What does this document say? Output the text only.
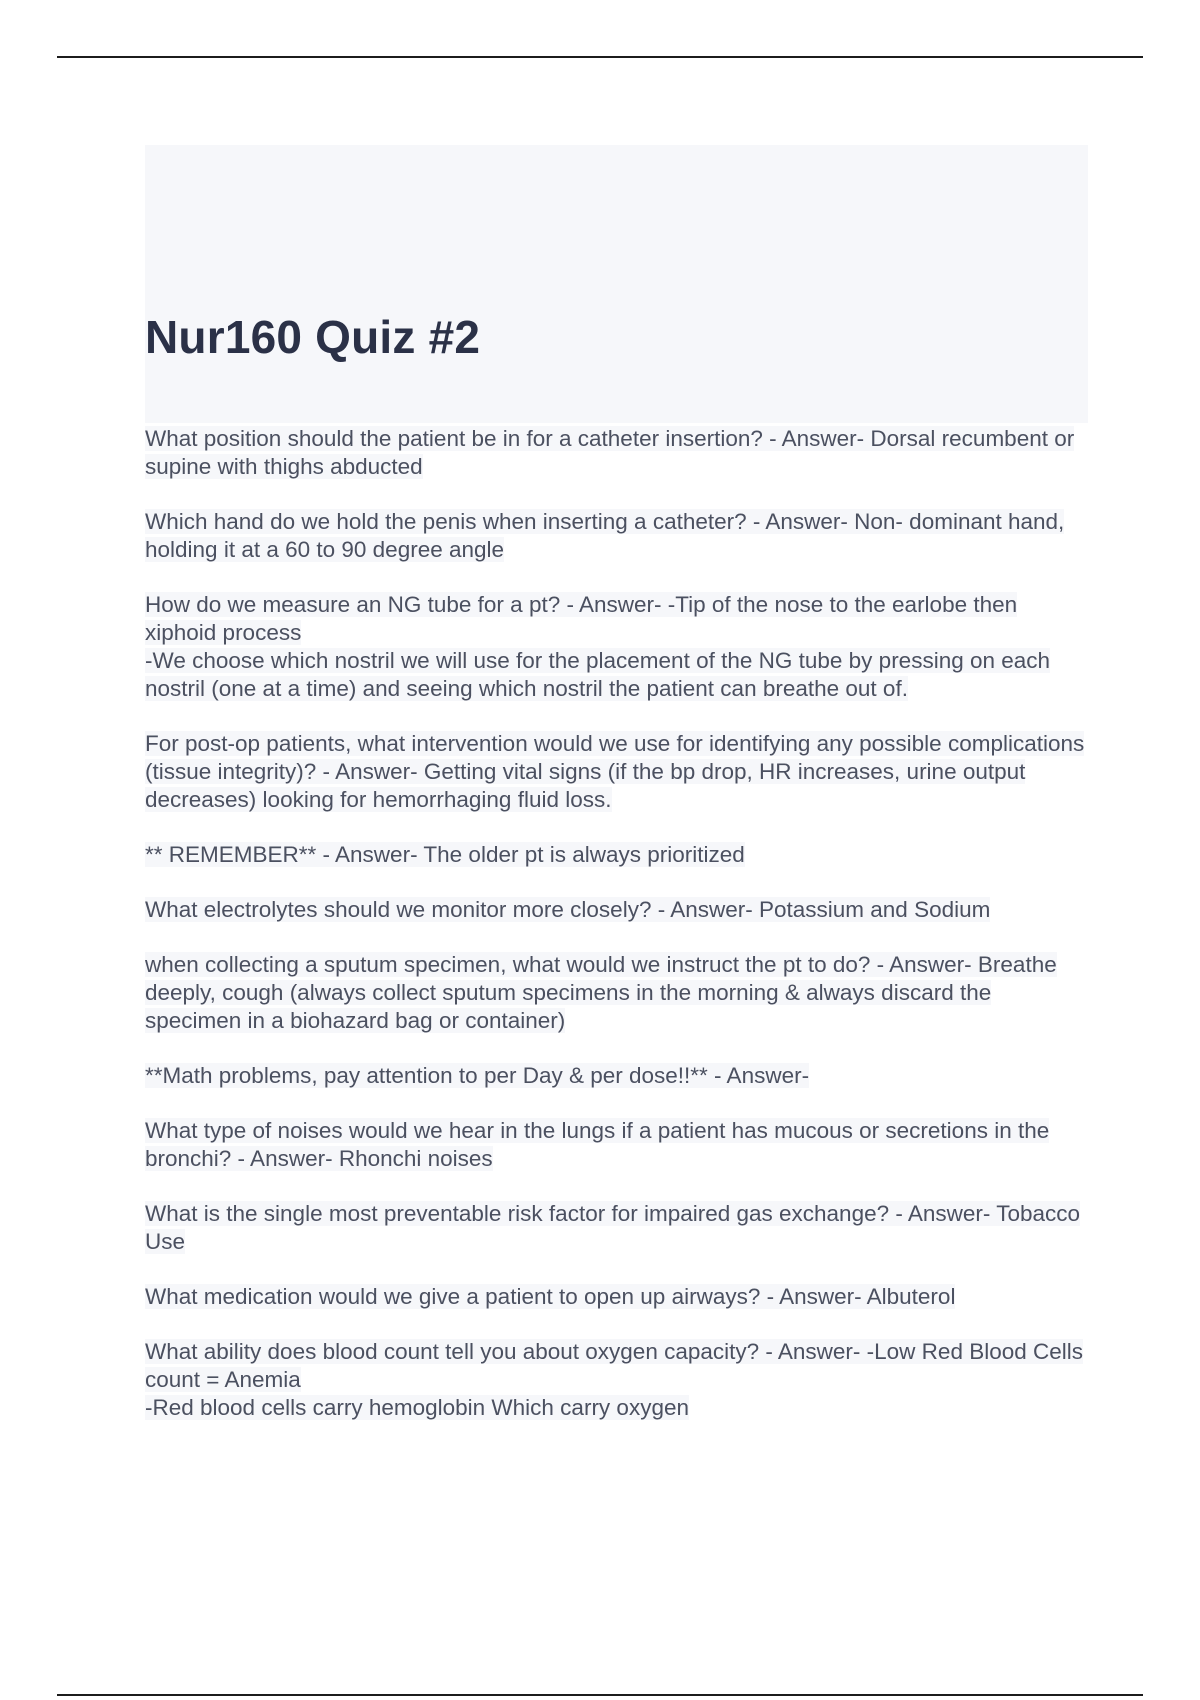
Nur160 Quiz #2

What position should the patient be in for a catheter insertion? - Answer- Dorsal recumbent or supine with thighs abducted

Which hand do we hold the penis when inserting a catheter? - Answer- Non- dominant hand, holding it at a 60 to 90 degree angle

How do we measure an NG tube for a pt? - Answer- -Tip of the nose to the earlobe then xiphoid process
-We choose which nostril we will use for the placement of the NG tube by pressing on each nostril (one at a time) and seeing which nostril the patient can breathe out of.

For post-op patients, what intervention would we use for identifying any possible complications (tissue integrity)? - Answer- Getting vital signs (if the bp drop, HR increases, urine output decreases) looking for hemorrhaging fluid loss.

** REMEMBER** - Answer- The older pt is always prioritized

What electrolytes should we monitor more closely? - Answer- Potassium and Sodium

when collecting a sputum specimen, what would we instruct the pt to do? - Answer- Breathe deeply, cough (always collect sputum specimens in the morning & always discard the specimen in a biohazard bag or container)

**Math problems, pay attention to per Day & per dose!!** - Answer-

What type of noises would we hear in the lungs if a patient has mucous or secretions in the bronchi? - Answer- Rhonchi noises

What is the single most preventable risk factor for impaired gas exchange? - Answer- Tobacco Use

What medication would we give a patient to open up airways? - Answer- Albuterol

What ability does blood count tell you about oxygen capacity? - Answer- -Low Red Blood Cells count = Anemia
-Red blood cells carry hemoglobin Which carry oxygen
